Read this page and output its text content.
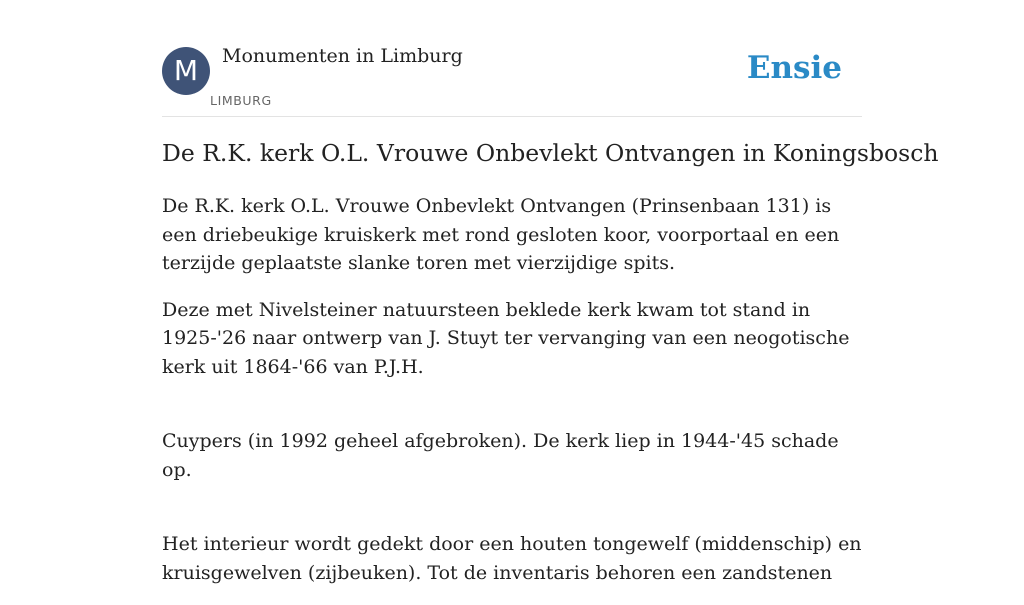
M	Monumenten in Limburg
LIMBURG
Ensie
De R.K. kerk O.L. Vrouwe Onbevlekt Ontvangen in Koningsbosch

De R.K. kerk O.L. Vrouwe Onbevlekt Ontvangen (Prinsenbaan 131) is een driebeukige kruiskerk met rond gesloten koor, voorportaal en een terzijde geplaatste slanke toren met vierzijdige spits.

Deze met Nivelsteiner natuursteen beklede kerk kwam tot stand in 1925-'26 naar ontwerp van J. Stuyt ter vervanging van een neogotische kerk uit 1864-'66 van P.J.H.

Cuypers (in 1992 geheel afgebroken). De kerk liep in 1944-'45 schade op.

Het interieur wordt gedekt door een houten tongewelf (middenschip) en kruisgewelven (zijbeuken). Tot de inventaris behoren een zandstenen
